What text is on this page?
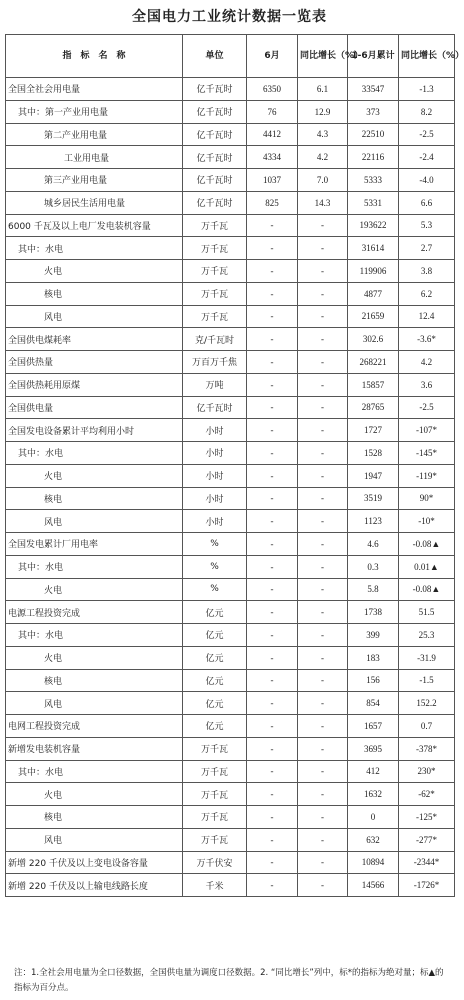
全国电力工业统计数据一览表
指　标　名　称	单位	6月	同比增长（%）	1-6月累计	同比增长（%）
全国全社会用电量	亿千瓦时	6350	6.1	33547	-1.3
其中：第一产业用电量	亿千瓦时	76	12.9	373	8.2
第二产业用电量	亿千瓦时	4412	4.3	22510	-2.5
工业用电量	亿千瓦时	4334	4.2	22116	-2.4
第三产业用电量	亿千瓦时	1037	7.0	5333	-4.0
城乡居民生活用电量	亿千瓦时	825	14.3	5331	6.6
6000 千瓦及以上电厂发电装机容量	万千瓦	-	-	193622	5.3
其中：水电	万千瓦	-	-	31614	2.7
火电	万千瓦	-	-	119906	3.8
核电	万千瓦	-	-	4877	6.2
风电	万千瓦	-	-	21659	12.4
全国供电煤耗率	克/千瓦时	-	-	302.6	-3.6*
全国供热量	万百万千焦	-	-	268221	4.2
全国供热耗用原煤	万吨	-	-	15857	3.6
全国供电量	亿千瓦时	-	-	28765	-2.5
全国发电设备累计平均利用小时	小时	-	-	1727	-107*
其中：水电	小时	-	-	1528	-145*
火电	小时	-	-	1947	-119*
核电	小时	-	-	3519	90*
风电	小时	-	-	1123	-10*
全国发电累计厂用电率	%	-	-	4.6	-0.08▲
其中：水电	%	-	-	0.3	0.01▲
火电	%	-	-	5.8	-0.08▲
电源工程投资完成	亿元	-	-	1738	51.5
其中：水电	亿元	-	-	399	25.3
火电	亿元	-	-	183	-31.9
核电	亿元	-	-	156	-1.5
风电	亿元	-	-	854	152.2
电网工程投资完成	亿元	-	-	1657	0.7
新增发电装机容量	万千瓦	-	-	3695	-378*
其中：水电	万千瓦	-	-	412	230*
火电	万千瓦	-	-	1632	-62*
核电	万千瓦	-	-	0	-125*
风电	万千瓦	-	-	632	-277*
新增 220 千伏及以上变电设备容量	万千伏安	-	-	10894	-2344*
新增 220 千伏及以上输电线路长度	千米	-	-	14566	-1726*
注：1.全社会用电量为全口径数据，全国供电量为调度口径数据。2. “同比增长”列中，标*的指标为绝对量；标▲的指标为百分点。
